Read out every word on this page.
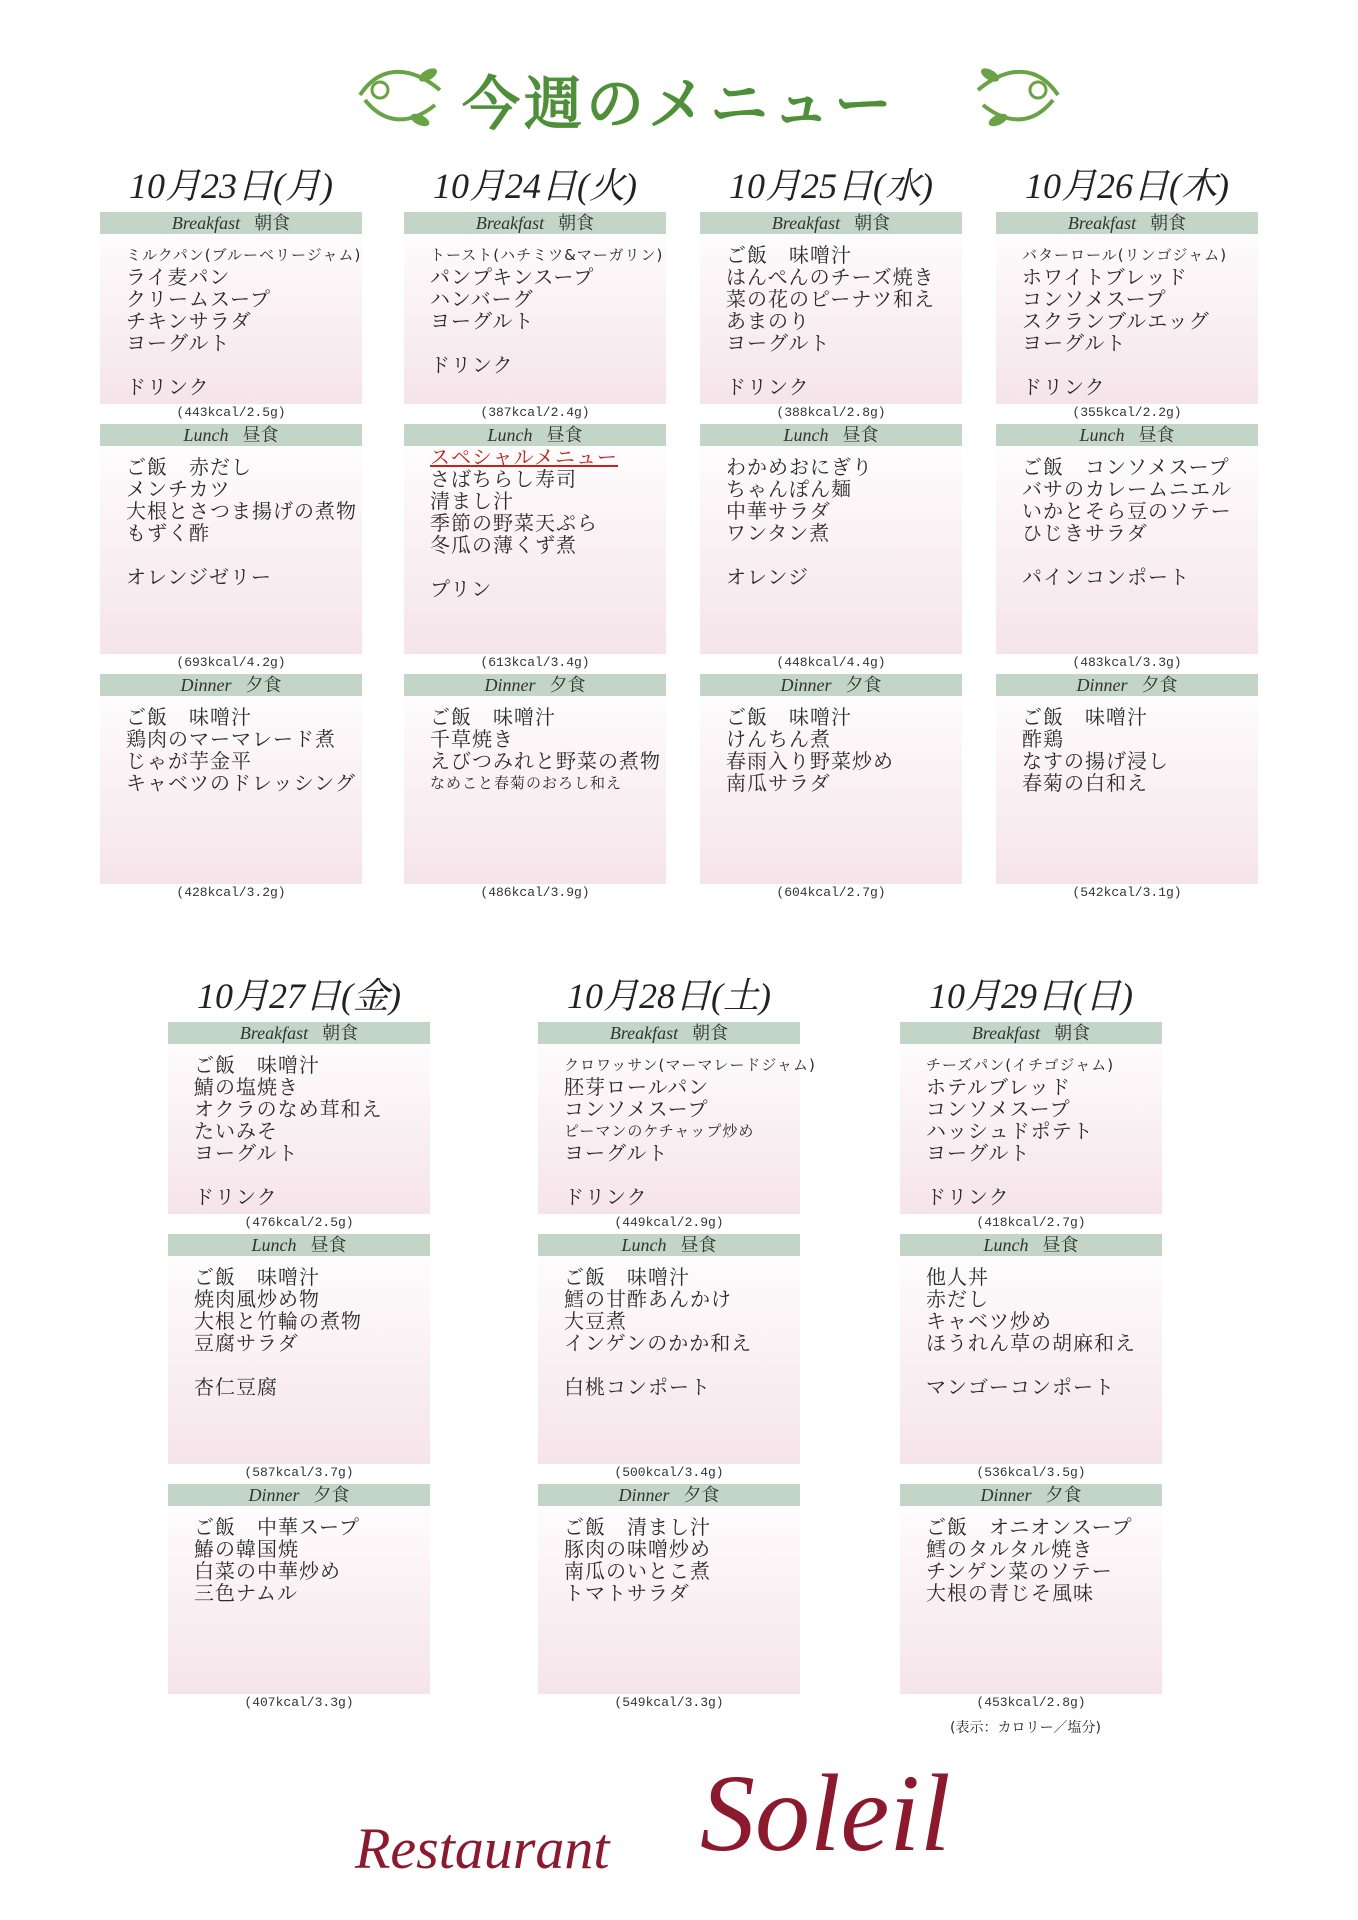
今週のメニュー
10月23日(月)
Breakfast 朝食
ミルクパン(ブルーベリージャム)
ライ麦パン
クリームスープ
チキンサラダ
ヨーグルト
ドリンク
(443kcal/2.5g)
Lunch 昼食
ご飯　赤だし
メンチカツ
大根とさつま揚げの煮物
もずく酢
オレンジゼリー
(693kcal/4.2g)
Dinner 夕食
ご飯　味噌汁
鶏肉のマーマレード煮
じゃが芋金平
キャベツのドレッシング
(428kcal/3.2g)
10月24日(火)
Breakfast 朝食
トースト(ハチミツ&マーガリン)
パンプキンスープ
ハンバーグ
ヨーグルト
ドリンク
(387kcal/2.4g)
Lunch 昼食
スペシャルメニュー
さばちらし寿司
清まし汁
季節の野菜天ぷら
冬瓜の薄くず煮
プリン
(613kcal/3.4g)
Dinner 夕食
ご飯　味噌汁
千草焼き
えびつみれと野菜の煮物
なめこと春菊のおろし和え
(486kcal/3.9g)
10月25日(水)
Breakfast 朝食
ご飯　味噌汁
はんぺんのチーズ焼き
菜の花のピーナツ和え
あまのり
ヨーグルト
ドリンク
(388kcal/2.8g)
Lunch 昼食
わかめおにぎり
ちゃんぽん麺
中華サラダ
ワンタン煮
オレンジ
(448kcal/4.4g)
Dinner 夕食
ご飯　味噌汁
けんちん煮
春雨入り野菜炒め
南瓜サラダ
(604kcal/2.7g)
10月26日(木)
Breakfast 朝食
バターロール(リンゴジャム)
ホワイトブレッド
コンソメスープ
スクランブルエッグ
ヨーグルト
ドリンク
(355kcal/2.2g)
Lunch 昼食
ご飯　コンソメスープ
バサのカレームニエル
いかとそら豆のソテー
ひじきサラダ
パインコンポート
(483kcal/3.3g)
Dinner 夕食
ご飯　味噌汁
酢鶏
なすの揚げ浸し
春菊の白和え
(542kcal/3.1g)
10月27日(金)
Breakfast 朝食
ご飯　味噌汁
鯖の塩焼き
オクラのなめ茸和え
たいみそ
ヨーグルト
ドリンク
(476kcal/2.5g)
Lunch 昼食
ご飯　味噌汁
焼肉風炒め物
大根と竹輪の煮物
豆腐サラダ
杏仁豆腐
(587kcal/3.7g)
Dinner 夕食
ご飯　中華スープ
鰆の韓国焼
白菜の中華炒め
三色ナムル
(407kcal/3.3g)
10月28日(土)
Breakfast 朝食
クロワッサン(マーマレードジャム)
胚芽ロールパン
コンソメスープ
ピーマンのケチャップ炒め
ヨーグルト
ドリンク
(449kcal/2.9g)
Lunch 昼食
ご飯　味噌汁
鱈の甘酢あんかけ
大豆煮
インゲンのかか和え
白桃コンポート
(500kcal/3.4g)
Dinner 夕食
ご飯　清まし汁
豚肉の味噌炒め
南瓜のいとこ煮
トマトサラダ
(549kcal/3.3g)
10月29日(日)
Breakfast 朝食
チーズパン(イチゴジャム)
ホテルブレッド
コンソメスープ
ハッシュドポテト
ヨーグルト
ドリンク
(418kcal/2.7g)
Lunch 昼食
他人丼
赤だし
キャベツ炒め
ほうれん草の胡麻和え
マンゴーコンポート
(536kcal/3.5g)
Dinner 夕食
ご飯　オニオンスープ
鱈のタルタル焼き
チンゲン菜のソテー
大根の青じそ風味
(453kcal/2.8g)
(表示：カロリー／塩分)
Restaurant Soleil
